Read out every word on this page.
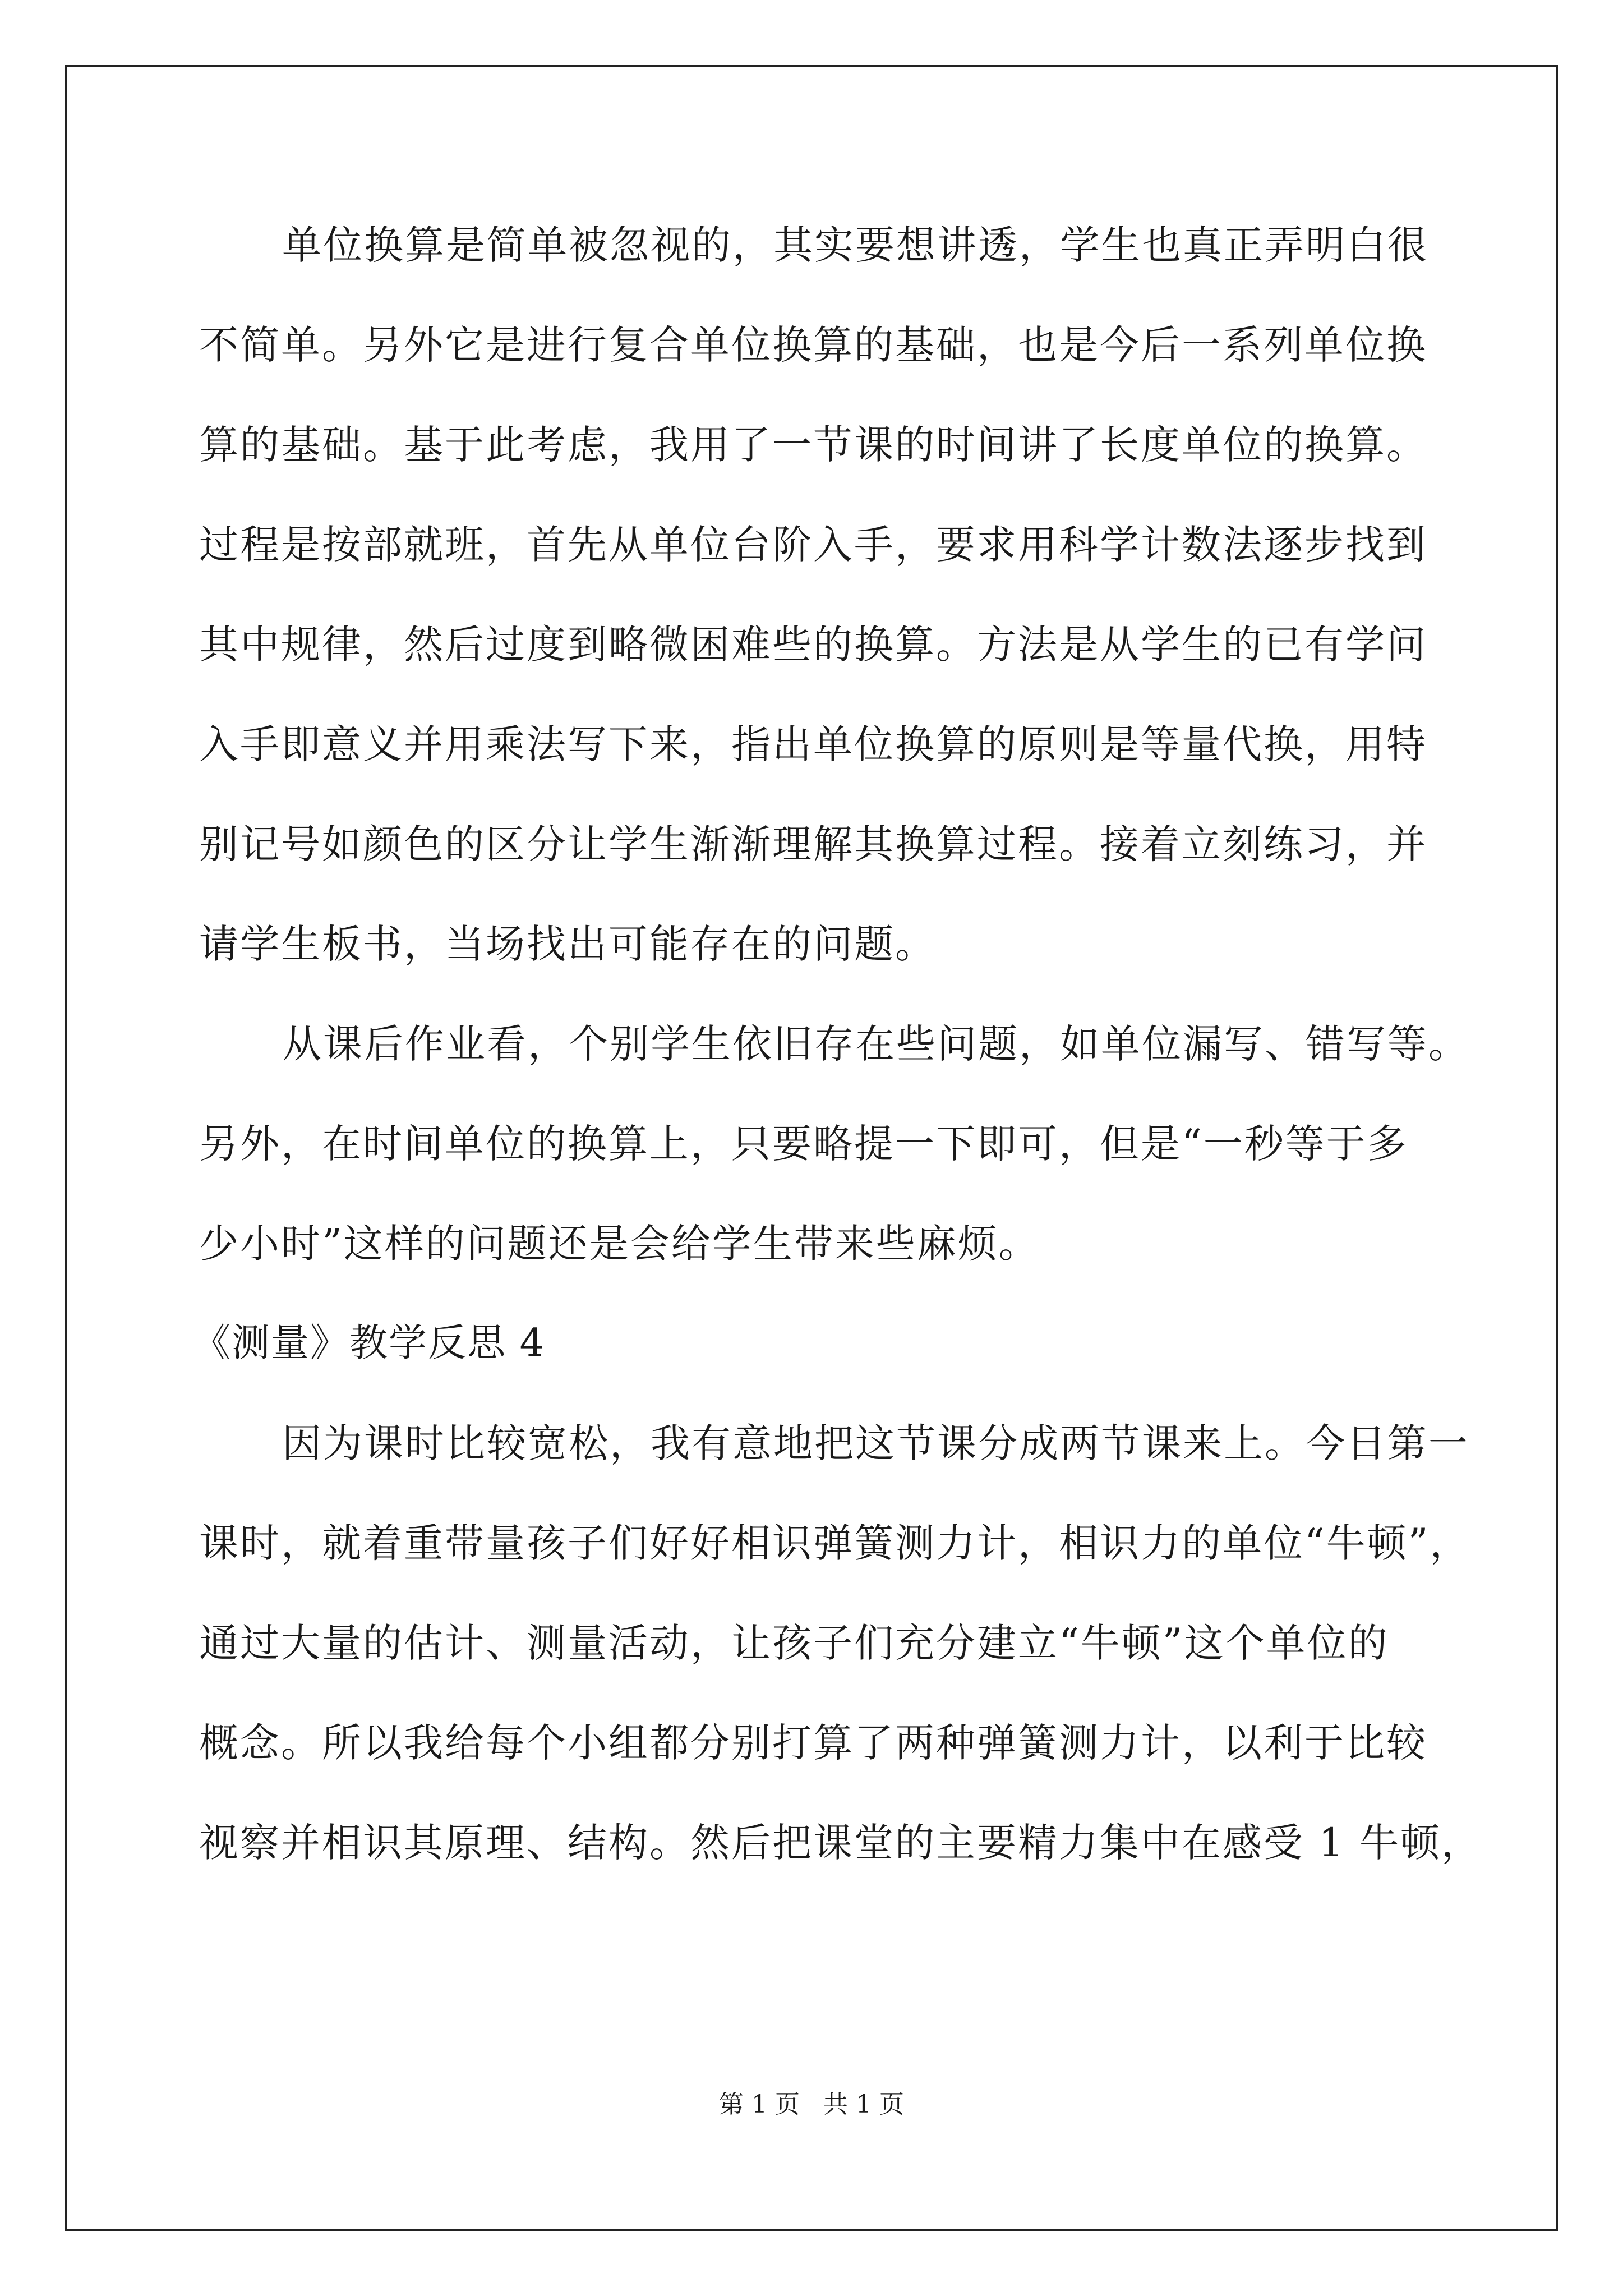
单位换算是简单被忽视的，其实要想讲透，学生也真正弄明白很
不简单。另外它是进行复合单位换算的基础，也是今后一系列单位换
算的基础。基于此考虑，我用了一节课的时间讲了长度单位的换算。
过程是按部就班，首先从单位台阶入手，要求用科学计数法逐步找到
其中规律，然后过度到略微困难些的换算。方法是从学生的已有学问
入手即意义并用乘法写下来，指出单位换算的原则是等量代换，用特
别记号如颜色的区分让学生渐渐理解其换算过程。接着立刻练习，并
请学生板书，当场找出可能存在的问题。
从课后作业看，个别学生依旧存在些问题，如单位漏写、错写等。
另外，在时间单位的换算上，只要略提一下即可，但是“一秒等于多
少小时”这样的问题还是会给学生带来些麻烦。
《测量》教学反思 4
因为课时比较宽松，我有意地把这节课分成两节课来上。今日第一
课时，就着重带量孩子们好好相识弹簧测力计，相识力的单位“牛顿”，
通过大量的估计、测量活动，让孩子们充分建立“牛顿”这个单位的
概念。所以我给每个小组都分别打算了两种弹簧测力计，以利于比较
视察并相识其原理、结构。然后把课堂的主要精力集中在感受 1 牛顿，
第 1 页   共 1 页
